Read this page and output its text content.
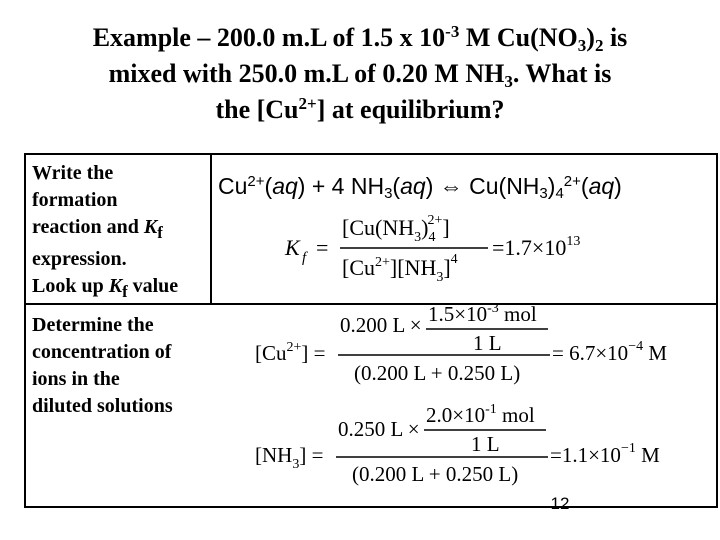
Example – 200.0 m.L of 1.5 x $10^{-3}$ M $Cu(NO_3)_2$ is
mixed with 250.0 m.L of 0.20 M $NH_3$. What is
the $[Cu^{2+}]$ at equilibrium?
Write the
formation
reaction and $K_f$
expression.
Look up $K_f$ value
Determine the
concentration of
ions in the
diluted solutions
$Cu^{2+}(aq) + 4$ $NH_3(aq)$ ⇔ $Cu(NH_3)_4^{2+}(aq)$
K f =
$[Cu(NH_3)_42+]$
$[Cu^{2+}][NH_3]^4 =1.7\times 10^{13}$
$[Cu^{2+}]$ =
0.200 $L \times 1.5\times 10^{-3}$ mol
1 L
(0.200 L + 0.250 L)
= $6.7\times 10^{-4}$ M
$[NH_3]$ =
0.250 L ×
$2.0\times 10^{-1}$ mol
1 L
(0.200 L + 0.250 L)
$=1.1\times 10^{-1}$ M
12
